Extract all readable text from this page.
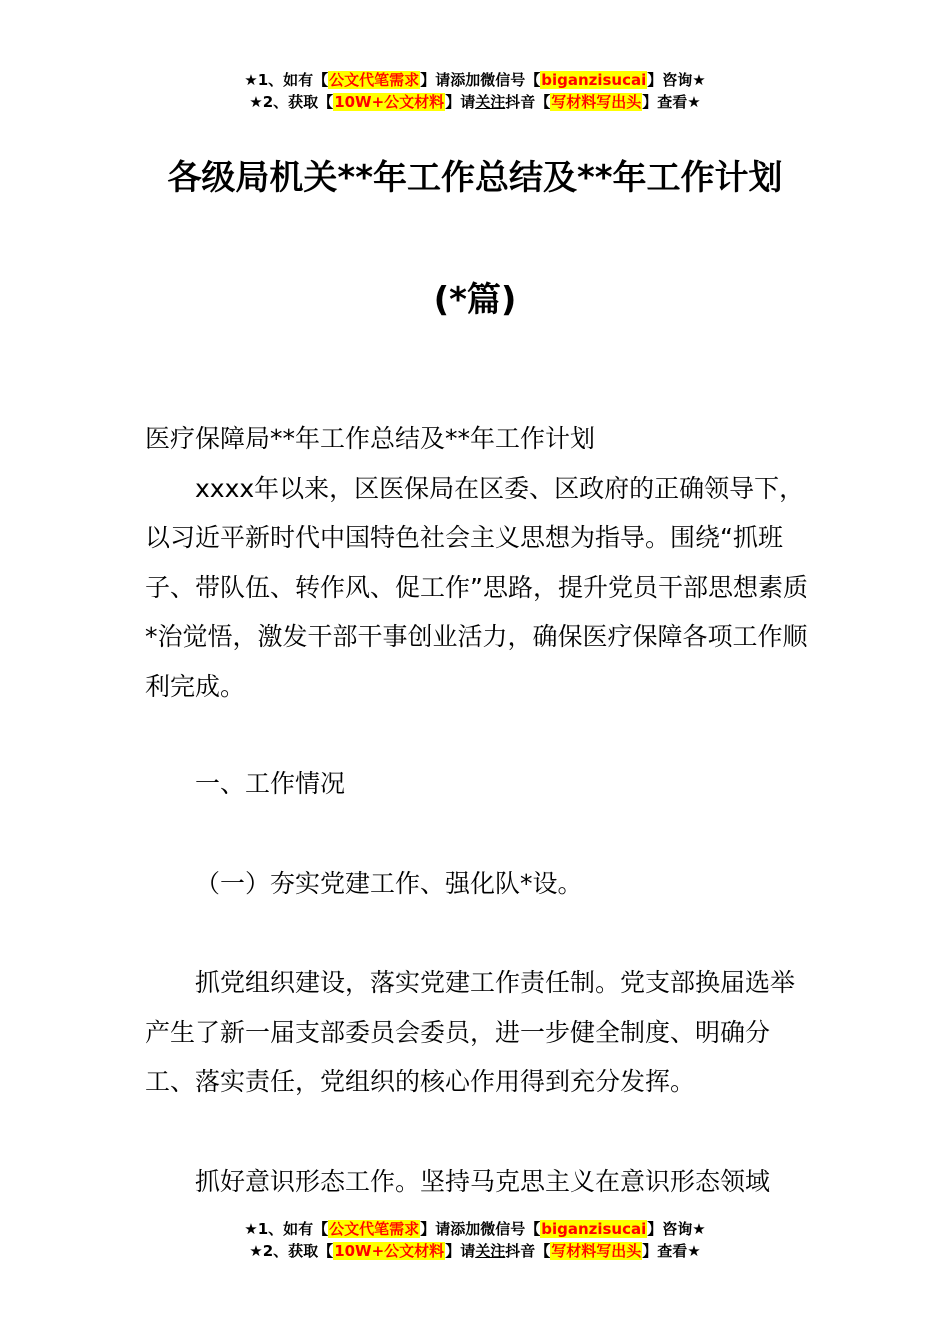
★1、如有【公文代笔需求】请添加微信号【biganzisucai】咨询★
★2、获取【10W+公文材料】请关注抖音【写材料写出头】查看★
各级局机关**年工作总结及**年工作计划
(*篇)

医疗保障局**年工作总结及**年工作计划

xxxx年以来，区医保局在区委、区政府的正确领导下，以习近平新时代中国特色社会主义思想为指导。围绕“抓班子、带队伍、转作风、促工作”思路，提升党员干部思想素质*治觉悟，激发干部干事创业活力，确保医疗保障各项工作顺利完成。

一、工作情况

（一）夯实党建工作、强化队*设。

抓党组织建设，落实党建工作责任制。党支部换届选举产生了新一届支部委员会委员，进一步健全制度、明确分工、落实责任，党组织的核心作用得到充分发挥。

抓好意识形态工作。坚持马克思主义在意识形态领域

★1、如有【公文代笔需求】请添加微信号【biganzisucai】咨询★
★2、获取【10W+公文材料】请关注抖音【写材料写出头】查看★
